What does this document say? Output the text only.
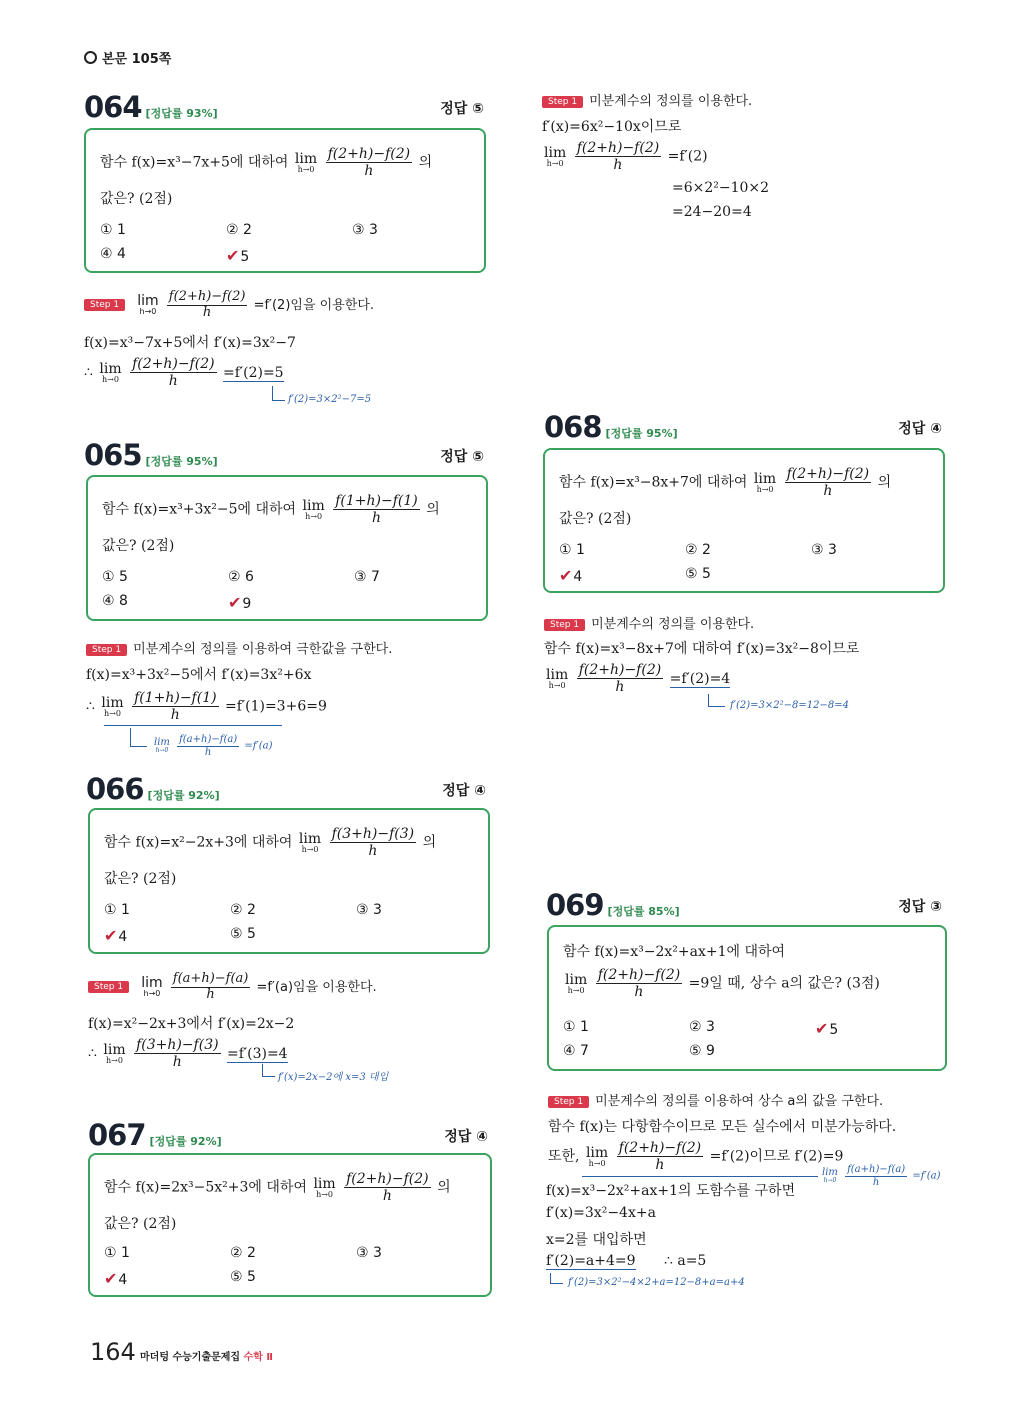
본문 105쪽
064 [정답률 93%]	정답 ⑤
함수 f(x)=x³−7x+5에 대하여 lim
h→0
$\frac{f(2+h)-f(2)}{h}$ 의
값은? (2점)
① 1	② 2	③ 3
④ 4	✔5
Step 1 lim
h→0
$\frac{f(2+h)-f(2)}{h} =f'(2)$임을 이용한다.
f(x)=x³−7x+5에서 f′(x)=3x²−7
∴ lim
h→0
$\frac{f(2+h)-f(2)}{h} =f'(2)=5$
f′(2)=3×2²−7=5
065 [정답률 95%]	정답 ⑤
함수 f(x)=x³+3x²−5에 대하여 lim
h→0
$\frac{f(1+h)-f(1)}{h}$ 의
값은? (2점)
① 5	② 6	③ 7
④ 8	✔9
Step 1 미분계수의 정의를 이용하여 극한값을 구한다.
f(x)=x³+3x²−5에서 f′(x)=3x²+6x
∴ lim
h→0
$\frac{f(1+h)-f(1)}{h} =f'(1)=3+6=9$
lim
h→0
$\frac{f(a+h)-f(a)}{h} =f'(a)$
066 [정답률 92%]	정답 ④
함수 f(x)=x²−2x+3에 대하여 lim
h→0
$\frac{f(3+h)-f(3)}{h}$ 의
값은? (2점)
① 1	② 2	③ 3
✔4	⑤ 5
Step 1 lim
h→0
$\frac{f(a+h)-f(a)}{h} =f'(a)$임을 이용한다.
f(x)=x²−2x+3에서 f′(x)=2x−2
∴ lim
h→0
$\frac{f(3+h)-f(3)}{h} =f'(3)=4$
f′(x)=2x−2에 x=3 대입
067 [정답률 92%]	정답 ④
함수 f(x)=2x³−5x²+3에 대하여 lim
h→0
$\frac{f(2+h)-f(2)}{h}$ 의
값은? (2점)
① 1	② 2	③ 3
✔4	⑤ 5
Step 1 미분계수의 정의를 이용한다.
f′(x)=6x²−10x이므로
lim
h→0
$\frac{f(2+h)-f(2)}{h} =f'(2)$
=6×2²−10×2
=24−20=4
068 [정답률 95%]	정답 ④
함수 f(x)=x³−8x+7에 대하여 lim
h→0
$\frac{f(2+h)-f(2)}{h}$ 의
값은? (2점)
① 1	② 2	③ 3
✔4	⑤ 5
Step 1 미분계수의 정의를 이용한다.
함수 f(x)=x³−8x+7에 대하여 f′(x)=3x²−8이므로
lim
h→0
$\frac{f(2+h)-f(2)}{h} =f'(2)=4$
f′(2)=3×2²−8=12−8=4
069 [정답률 85%]	정답 ③
함수 f(x)=x³−2x²+ax+1에 대하여
lim
h→0
$\frac{f(2+h)-f(2)}{h} =9$일 때, 상수 a의 값은? (3점)
① 1	② 3	✔5
④ 7	⑤ 9
Step 1 미분계수의 정의를 이용하여 상수 a의 값을 구한다.
함수 f(x)는 다항함수이므로 모든 실수에서 미분가능하다.
또한, lim
h→0
$\frac{f(2+h)-f(2)}{h} =f'(2)$이므로 f′(2)=9
lim
h→0
$\frac{f(a+h)-f(a)}{h} =f'(a)$
f(x)=x³−2x²+ax+1의 도함수를 구하면
f′(x)=3x²−4x+a
x=2를 대입하면
f′(2)=a+4=9 ∴ a=5
f′(2)=3×2²−4×2+a=12−8+a=a+4
164 마더텅 수능기출문제집 수학 Ⅱ
